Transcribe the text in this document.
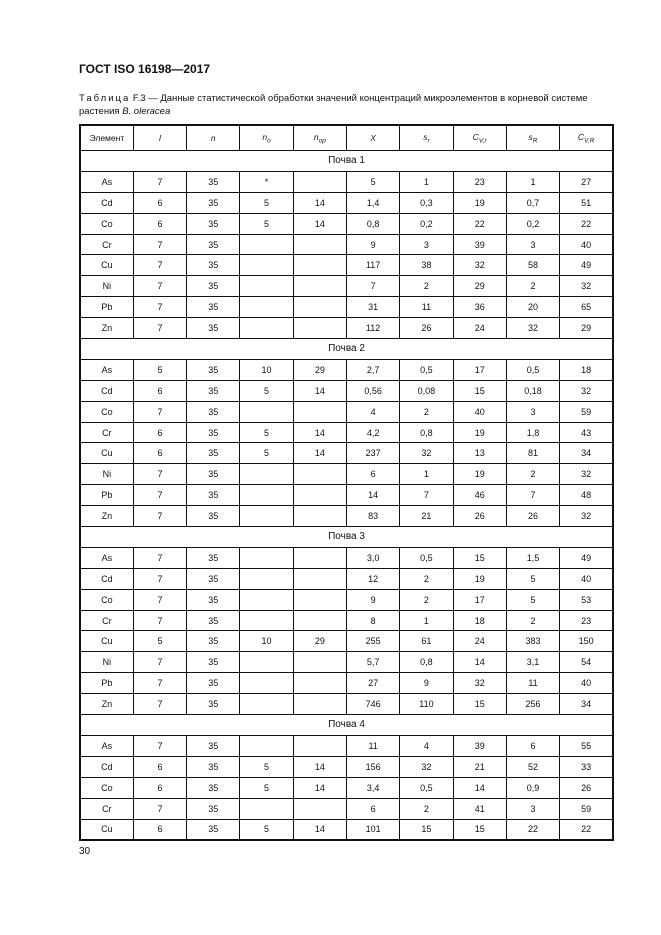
ГОСТ ISO 16198—2017
Таблица F.3 — Данные статистической обработки значений концентраций микроэлементов в корневой системе растения B. oleracea
Элемент	l	n	$n_o$	$n_{op}$	X	$s_r$	$C_{V,r}$	$s_R$	$C_{V,R}$
Почва 1									
As	7	35	*		5	1	23	1	27
Cd	6	35	5	14	1,4	0,3	19	0,7	51
Co	6	35	5	14	0,8	0,2	22	0,2	22
Cr	7	35			9	3	39	3	40
Cu	7	35			117	38	32	58	49
Ni	7	35			7	2	29	2	32
Pb	7	35			31	11	36	20	65
Zn	7	35			112	26	24	32	29
Почва 2									
As	5	35	10	29	2,7	0,5	17	0,5	18
Cd	6	35	5	14	0,56	0,08	15	0,18	32
Co	7	35			4	2	40	3	59
Cr	6	35	5	14	4,2	0,8	19	1,8	43
Cu	6	35	5	14	237	32	13	81	34
Ni	7	35			6	1	19	2	32
Pb	7	35			14	7	46	7	48
Zn	7	35			83	21	26	26	32
Почва 3									
As	7	35			3,0	0,5	15	1,5	49
Cd	7	35			12	2	19	5	40
Co	7	35			9	2	17	5	53
Cr	7	35			8	1	18	2	23
Cu	5	35	10	29	255	61	24	383	150
Ni	7	35			5,7	0,8	14	3,1	54
Pb	7	35			27	9	32	11	40
Zn	7	35			746	110	15	256	34
Почва 4									
As	7	35			11	4	39	6	55
Cd	6	35	5	14	156	32	21	52	33
Co	6	35	5	14	3,4	0,5	14	0,9	26
Cr	7	35			6	2	41	3	59
Cu	6	35	5	14	101	15	15	22	22
30
